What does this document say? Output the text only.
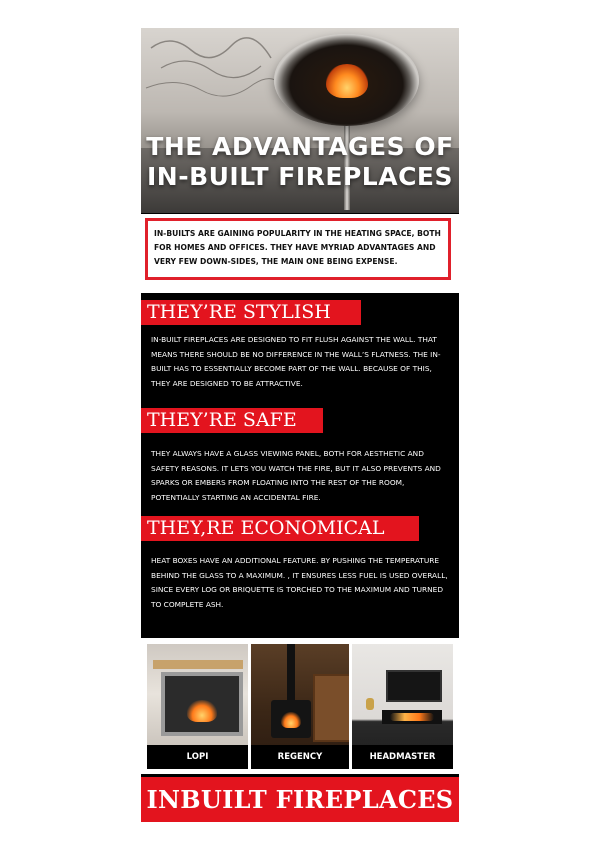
THE ADVANTAGES OF
IN-BUILT FIREPLACES
IN-BUILTS ARE GAINING POPULARITY IN THE HEATING SPACE, BOTH FOR HOMES AND OFFICES. THEY HAVE MYRIAD ADVANTAGES AND VERY FEW DOWN-SIDES, THE MAIN ONE BEING EXPENSE.
THEY’RE STYLISH
IN-BUILT FIREPLACES ARE DESIGNED TO FIT FLUSH AGAINST THE WALL. THAT MEANS THERE SHOULD BE NO DIFFERENCE IN THE WALL’S FLATNESS. THE IN-BUILT HAS TO ESSENTIALLY BECOME PART OF THE WALL. BECAUSE OF THIS, THEY ARE DESIGNED TO BE ATTRACTIVE.
THEY’RE SAFE
THEY ALWAYS HAVE A GLASS VIEWING PANEL, BOTH FOR AESTHETIC AND SAFETY REASONS. IT LETS YOU WATCH THE FIRE, BUT IT ALSO PREVENTS AND SPARKS OR EMBERS FROM FLOATING INTO THE REST OF THE ROOM, POTENTIALLY STARTING AN ACCIDENTAL FIRE.
THEY,RE ECONOMICAL
HEAT BOXES HAVE AN ADDITIONAL FEATURE. BY PUSHING THE TEMPERATURE BEHIND THE GLASS TO A MAXIMUM. , IT ENSURES LESS FUEL IS USED OVERALL, SINCE EVERY LOG OR BRIQUETTE IS TORCHED TO THE MAXIMUM AND TURNED TO COMPLETE ASH.
LOPI	REGENCY	HEADMASTER
INBUILT FIREPLACES
